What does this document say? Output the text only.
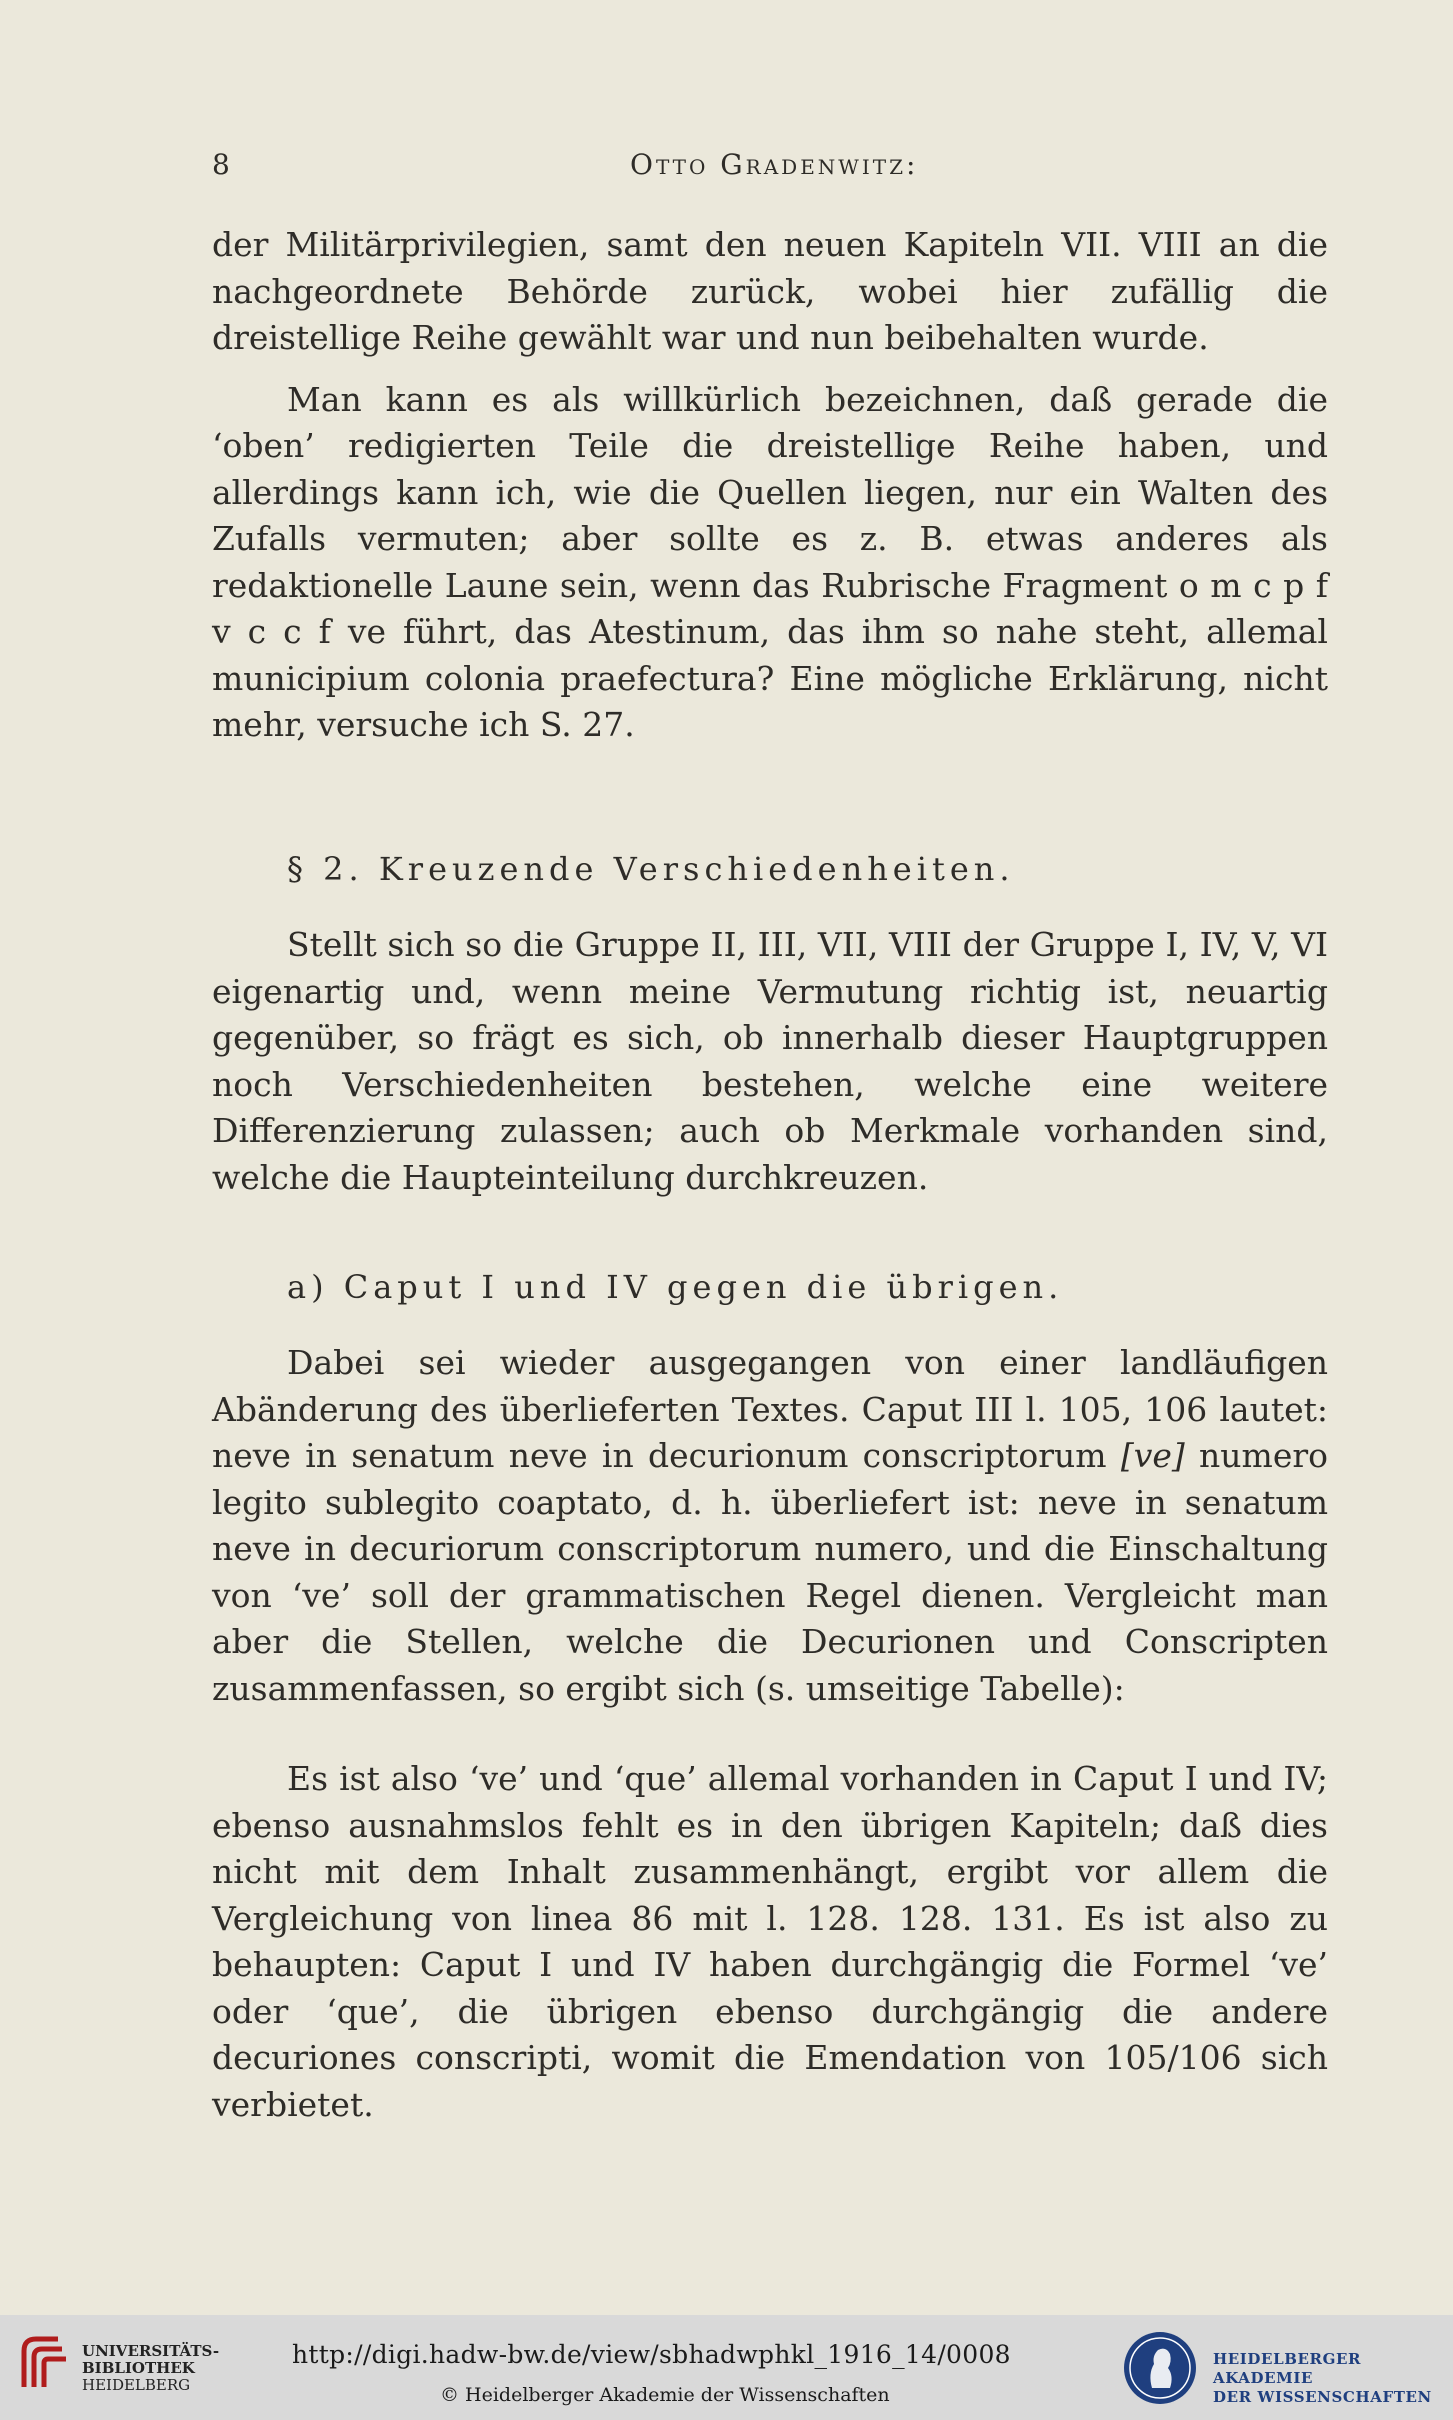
8	Otto Gradenwitz:

der Militärprivilegien, samt den neuen Kapiteln VII. VIII an die nachgeordnete Behörde zurück, wobei hier zufällig die dreistellige Reihe gewählt war und nun beibehalten wurde.

Man kann es als willkürlich bezeichnen, daß gerade die ‘oben’ redigierten Teile die dreistellige Reihe haben, und allerdings kann ich, wie die Quellen liegen, nur ein Walten des Zufalls vermuten; aber sollte es z. B. etwas anderes als redaktionelle Laune sein, wenn das Rubrische Fragment o m c p f v c c f ve führt, das Atestinum, das ihm so nahe steht, allemal municipium colonia praefectura? Eine mögliche Erklärung, nicht mehr, versuche ich S. 27.

§ 2. Kreuzende Verschiedenheiten.

Stellt sich so die Gruppe II, III, VII, VIII der Gruppe I, IV, V, VI eigenartig und, wenn meine Vermutung richtig ist, neuartig gegenüber, so frägt es sich, ob innerhalb dieser Hauptgruppen noch Verschiedenheiten bestehen, welche eine weitere Differenzierung zulassen; auch ob Merkmale vorhanden sind, welche die Haupteinteilung durchkreuzen.

a) Caput I und IV gegen die übrigen.

Dabei sei wieder ausgegangen von einer landläufigen Abänderung des überlieferten Textes. Caput III l. 105, 106 lautet: neve in senatum neve in decurionum conscriptorum [ve] numero legito sublegito coaptato, d. h. überliefert ist: neve in senatum neve in decuriorum conscriptorum numero, und die Einschaltung von ‘ve’ soll der grammatischen Regel dienen. Vergleicht man aber die Stellen, welche die Decurionen und Conscripten zusammenfassen, so ergibt sich (s. umseitige Tabelle):

Es ist also ‘ve’ und ‘que’ allemal vorhanden in Caput I und IV; ebenso ausnahmslos fehlt es in den übrigen Kapiteln; daß dies nicht mit dem Inhalt zusammenhängt, ergibt vor allem die Vergleichung von linea 86 mit l. 128. 128. 131. Es ist also zu behaupten: Caput I und IV haben durchgängig die Formel ‘ve’ oder ‘que’, die übrigen ebenso durchgängig die andere decuriones conscripti, womit die Emendation von 105/106 sich verbietet.

UNIVERSITÄTS-
BIBLIOTHEK
HEIDELBERG
http://digi.hadw-bw.de/view/sbhadwphkl_1916_14/0008
© Heidelberger Akademie der Wissenschaften
HEIDELBERGER AKADEMIE
DER WISSENSCHAFTEN
